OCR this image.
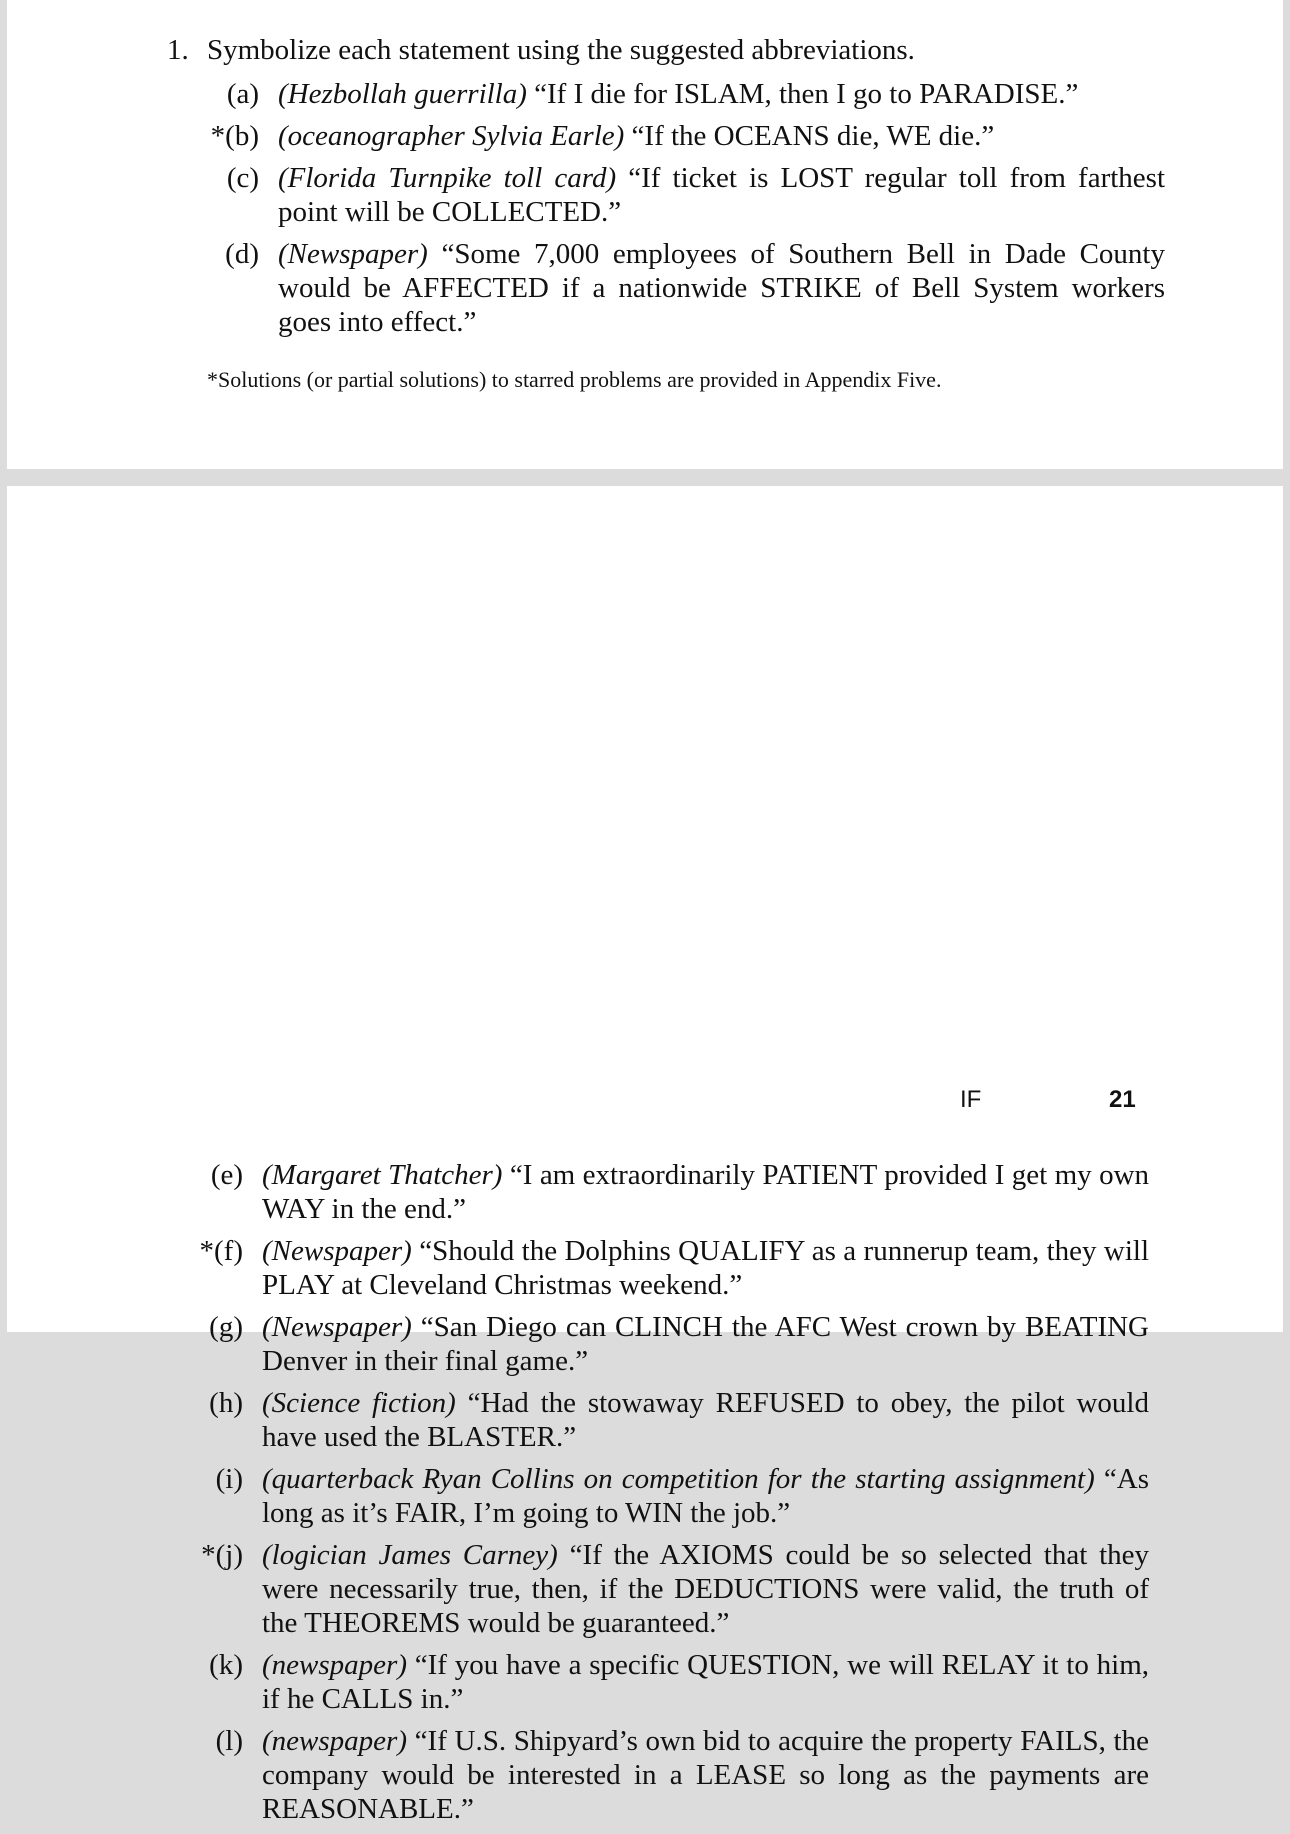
1. Symbolize each statement using the suggested abbreviations.

(a) (Hezbollah guerrilla) “If I die for ISLAM, then I go to PARADISE.”
*(b) (oceanographer Sylvia Earle) “If the OCEANS die, WE die.”
(c) (Florida Turnpike toll card) “If ticket is LOST regular toll from farthest point will be COLLECTED.”
(d) (Newspaper) “Some 7,000 employees of Southern Bell in Dade County would be AFFECTED if a nationwide STRIKE of Bell System workers goes into effect.”

*Solutions (or partial solutions) to starred problems are provided in Appendix Five.

IF	21
(e) (Margaret Thatcher) “I am extraordinarily PATIENT provided I get my own WAY in the end.”
*(f) (Newspaper) “Should the Dolphins QUALIFY as a runnerup team, they will PLAY at Cleveland Christmas weekend.”
(g) (Newspaper) “San Diego can CLINCH the AFC West crown by BEATING Denver in their final game.”
(h) (Science fiction) “Had the stowaway REFUSED to obey, the pilot would have used the BLASTER.”
(i) (quarterback Ryan Collins on competition for the starting assignment) “As long as it’s FAIR, I’m going to WIN the job.”
*(j) (logician James Carney) “If the AXIOMS could be so selected that they were necessarily true, then, if the DEDUCTIONS were valid, the truth of the THEOREMS would be guaranteed.”
(k) (newspaper) “If you have a specific QUESTION, we will RELAY it to him, if he CALLS in.”
(l) (newspaper) “If U.S. Shipyard’s own bid to acquire the property FAILS, the company would be interested in a LEASE so long as the payments are REASONABLE.”
